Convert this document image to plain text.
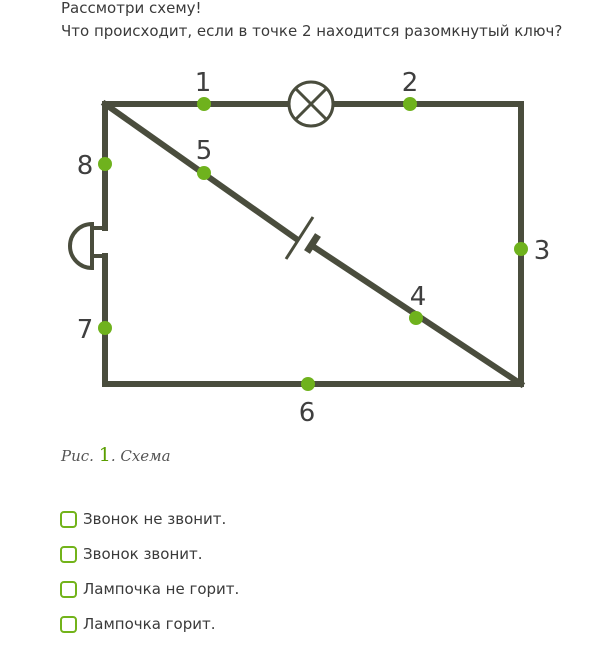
Рассмотри схему!

Что происходит, если в точке 2 находится разомкнутый ключ?

1	2
3
4
5
6
7
8
Рис. 1. Схема
Звонок не звонит.
Звонок звонит.
Лампочка не горит.
Лампочка горит.
